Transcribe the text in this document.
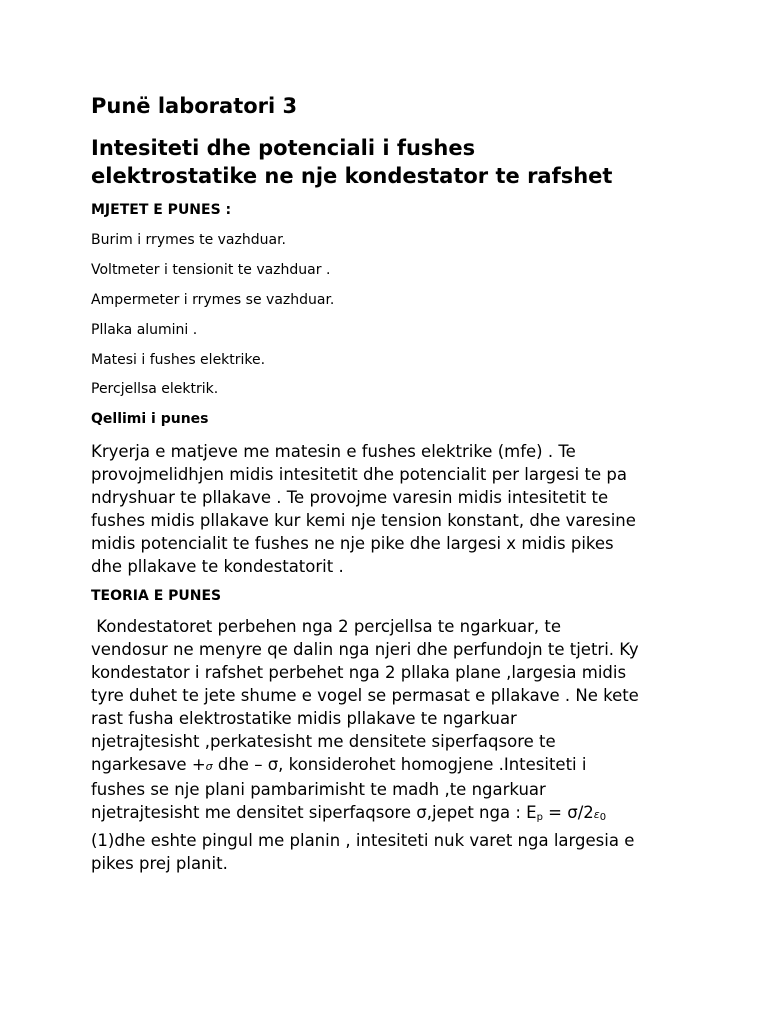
Punë laboratori 3
Intesiteti dhe potenciali i fushes
elektrostatike ne nje kondestator te rafshet

MJETET E PUNES :

Burim i rrymes te vazhduar.

Voltmeter i tensionit te vazhduar .

Ampermeter i rrymes se vazhduar.

Pllaka alumini .

Matesi i fushes elektrike.

Percjellsa elektrik.

Qellimi i punes

Kryerja e matjeve me matesin e fushes elektrike (mfe) . Te
provojmelidhjen midis intesitetit dhe potencialit per largesi te pa
ndryshuar te pllakave . Te provojme varesin midis intesitetit te
fushes midis pllakave kur kemi nje tension konstant, dhe varesine
midis potencialit te fushes ne nje pike dhe largesi x midis pikes
dhe pllakave te kondestatorit .

TEORIA E PUNES

Kondestatoret perbehen nga 2 percjellsa te ngarkuar, te
vendosur ne menyre qe dalin nga njeri dhe perfundojn te tjetri. Ky
kondestator i rafshet perbehet nga 2 pllaka plane ,largesia midis
tyre duhet te jete shume e vogel se permasat e pllakave . Ne kete
rast fusha elektrostatike midis pllakave te ngarkuar
njetrajtesisht ,perkatesisht me densitete siperfaqsore te
ngarkesave +σ dhe – σ, konsiderohet homogjene .Intesiteti i
fushes se nje plani pambarimisht te madh ,te ngarkuar
njetrajtesisht me densitet siperfaqsore σ,jepet nga : $E_p = \sigma/2\varepsilon_0$
(1)dhe eshte pingul me planin , intesiteti nuk varet nga largesia e
pikes prej planit.
